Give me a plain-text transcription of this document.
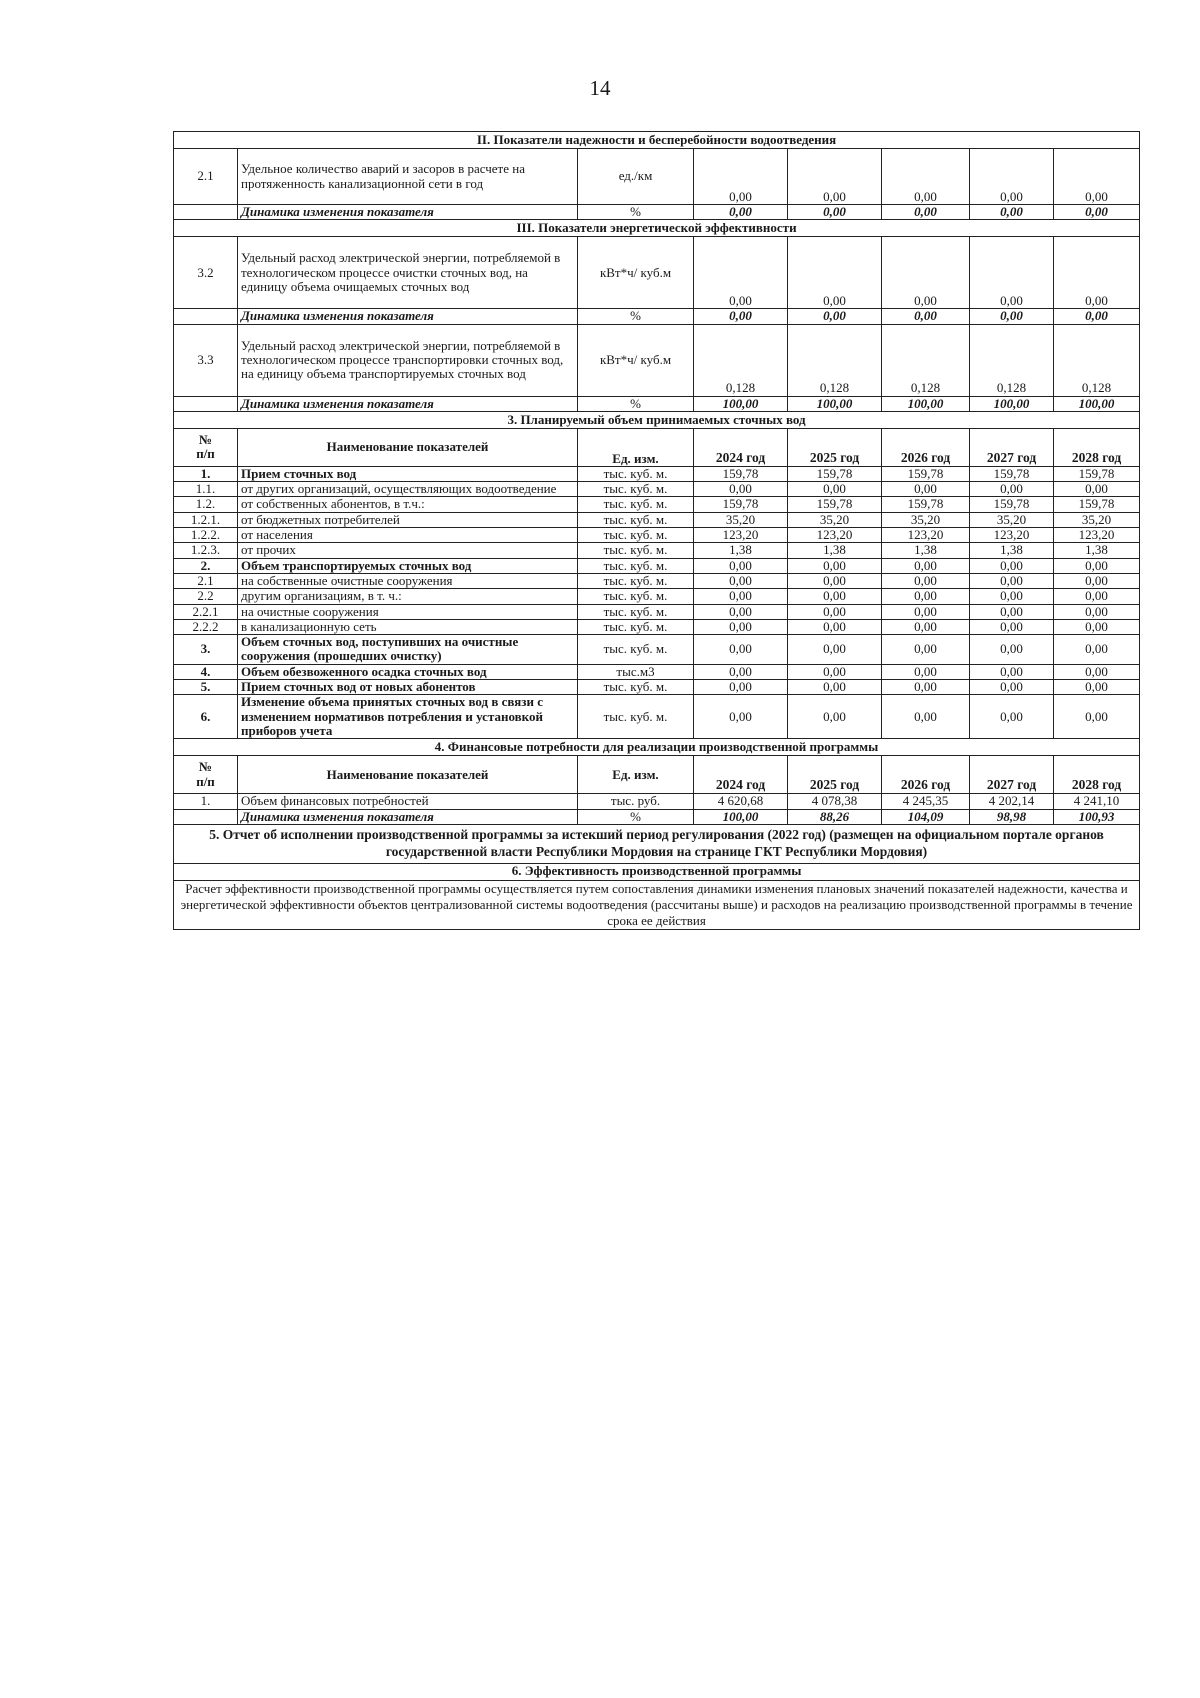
14
II. Показатели надежности и бесперебойности водоотведения							
2.1	Удельное количество аварий и засоров в расчете на протяженность канализационной сети в год	ед./км	0,00	0,00	0,00	0,00	0,00
	Динамика изменения показателя	%	0,00	0,00	0,00	0,00	0,00
III. Показатели энергетической эффективности							
3.2	Удельный расход электрической энергии, потребляемой в технологическом процессе очистки сточных вод, на единицу объема очищаемых сточных вод	кВт*ч/ куб.м	0,00	0,00	0,00	0,00	0,00
	Динамика изменения показателя	%	0,00	0,00	0,00	0,00	0,00
3.3	Удельный расход электрической энергии, потребляемой в технологическом процессе транспортировки сточных вод, на единицу объема транспортируемых сточных вод	кВт*ч/ куб.м	0,128	0,128	0,128	0,128	0,128
	Динамика изменения показателя	%	100,00	100,00	100,00	100,00	100,00
3. Планируемый объем принимаемых сточных вод							
№
п/п	Наименование показателей	Ед. изм.	2024 год	2025 год	2026 год	2027 год	2028 год
1.	Прием сточных вод	тыс. куб. м.	159,78	159,78	159,78	159,78	159,78
1.1.	от других организаций, осуществляющих водоотведение	тыс. куб. м.	0,00	0,00	0,00	0,00	0,00
1.2.	от собственных абонентов, в т.ч.:	тыс. куб. м.	159,78	159,78	159,78	159,78	159,78
1.2.1.	от бюджетных потребителей	тыс. куб. м.	35,20	35,20	35,20	35,20	35,20
1.2.2.	от населения	тыс. куб. м.	123,20	123,20	123,20	123,20	123,20
1.2.3.	от прочих	тыс. куб. м.	1,38	1,38	1,38	1,38	1,38
2.	Объем транспортируемых сточных вод	тыс. куб. м.	0,00	0,00	0,00	0,00	0,00
2.1	на собственные очистные сооружения	тыс. куб. м.	0,00	0,00	0,00	0,00	0,00
2.2	другим организациям, в т. ч.:	тыс. куб. м.	0,00	0,00	0,00	0,00	0,00
2.2.1	на очистные сооружения	тыс. куб. м.	0,00	0,00	0,00	0,00	0,00
2.2.2	в канализационную сеть	тыс. куб. м.	0,00	0,00	0,00	0,00	0,00
3.	Объем сточных вод, поступивших на очистные сооружения (прошедших очистку)	тыс. куб. м.	0,00	0,00	0,00	0,00	0,00
4.	Объем обезвоженного осадка сточных вод	тыс.м3	0,00	0,00	0,00	0,00	0,00
5.	Прием сточных вод от новых абонентов	тыс. куб. м.	0,00	0,00	0,00	0,00	0,00
6.	Изменение объема принятых сточных вод в связи с изменением нормативов потребления и установкой приборов учета	тыс. куб. м.	0,00	0,00	0,00	0,00	0,00
4. Финансовые потребности для реализации производственной программы							
№
п/п	Наименование показателей	Ед. изм.	2024 год	2025 год	2026 год	2027 год	2028 год
1.	Объем финансовых потребностей	тыс. руб.	4 620,68	4 078,38	4 245,35	4 202,14	4 241,10
	Динамика изменения показателя	%	100,00	88,26	104,09	98,98	100,93
5. Отчет об исполнении производственной программы за истекший период регулирования (2022 год) (размещен на официальном портале органов государственной власти Республики Мордовия на странице ГКТ Республики Мордовия)							
6. Эффективность производственной программы							
Расчет эффективности производственной программы осуществляется путем сопоставления динамики изменения плановых значений показателей надежности, качества и энергетической эффективности объектов централизованной системы водоотведения (рассчитаны выше) и расходов на реализацию производственной программы в течение срока ее действия							
